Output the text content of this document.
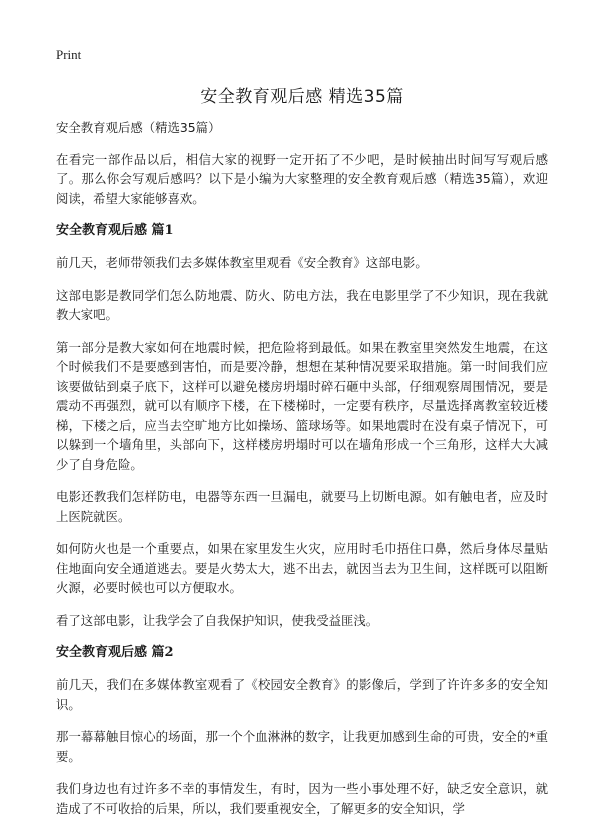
Print
安全教育观后感 精选35篇

安全教育观后感（精选35篇）

在看完一部作品以后，相信大家的视野一定开拓了不少吧，是时候抽出时间写写观后感了。那么你会写观后感吗？以下是小编为大家整理的安全教育观后感（精选35篇），欢迎阅读，希望大家能够喜欢。

安全教育观后感 篇1

前几天，老师带领我们去多媒体教室里观看《安全教育》这部电影。

这部电影是教同学们怎么防地震、防火、防电方法，我在电影里学了不少知识，现在我就教大家吧。

第一部分是教大家如何在地震时候，把危险将到最低。如果在教室里突然发生地震，在这个时候我们不是要感到害怕，而是要冷静，想想在某种情况要采取措施。第一时间我们应该要做钻到桌子底下，这样可以避免楼房坍塌时碎石砸中头部，仔细观察周围情况，要是震动不再强烈，就可以有顺序下楼，在下楼梯时，一定要有秩序，尽量选择离教室较近楼梯，下楼之后，应当去空旷地方比如操场、篮球场等。如果地震时在没有桌子情况下，可以躲到一个墙角里，头部向下，这样楼房坍塌时可以在墙角形成一个三角形，这样大大减少了自身危险。

电影还教我们怎样防电，电器等东西一旦漏电，就要马上切断电源。如有触电者，应及时上医院就医。

如何防火也是一个重要点，如果在家里发生火灾，应用时毛巾捂住口鼻，然后身体尽量贴住地面向安全通道逃去。要是火势太大，逃不出去，就因当去为卫生间，这样既可以阻断火源，必要时候也可以方便取水。

看了这部电影，让我学会了自我保护知识，使我受益匪浅。

安全教育观后感 篇2

前几天，我们在多媒体教室观看了《校园安全教育》的影像后，学到了许许多多的安全知识。

那一幕幕触目惊心的场面，那一个个血淋淋的数字，让我更加感到生命的可贵，安全的*重要。

我们身边也有过许多不幸的事情发生，有时，因为一些小事处理不好，缺乏安全意识，就造成了不可收拾的后果，所以，我们要重视安全，了解更多的安全知识，学
